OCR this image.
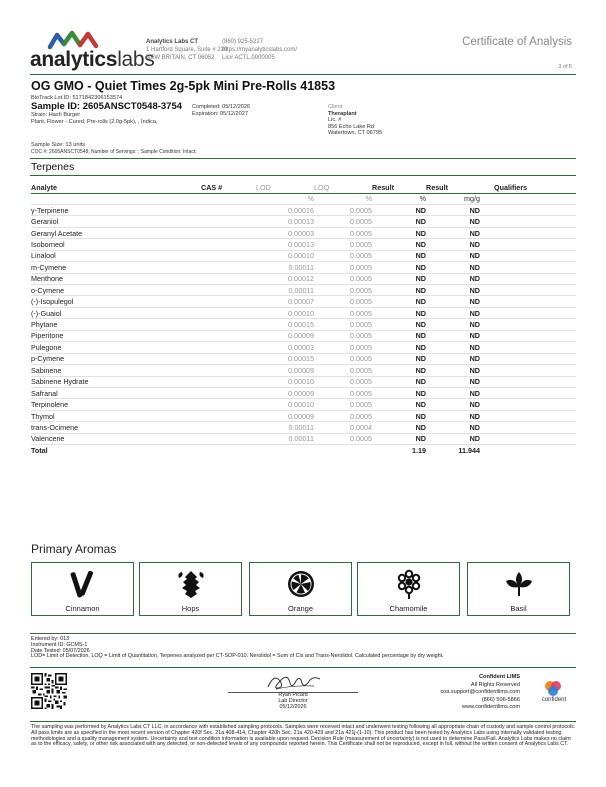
analyticslabs
Analytics Labs CT
1 Hartford Square, Suite # 230
NEW BRITAIN, CT 06052
(860) 925-5227
https://myanalyticslabs.com/
Lic# ACTL.0000005
Certificate of Analysis
3 of 5
OG GMO - Quiet Times 2g-5pk Mini Pre-Rolls 41853
BioTrack Lot ID: 5171842306153574
Sample ID: 2605ANSCT0548-3754
Strain: Hash Burger
Plant, Flower - Cured, Pre-rolls (2.0g-5pk), , Indica,
Completed: 05/12/2026
Expiration: 05/12/2027
Client
Theraplant
Lic. #
856 Echo Lake Rd
Watertown, CT 06795
Sample Size: 13 units
COC #: 2605ANSCT0548; Number of Servings: ; Sample Condition: Intact;
Terpenes
Analyte	CAS #	LOD	LOQ	Result	Result	Qualifiers
		%	%	%	mg/g	
γ-Terpinene		0.00016	0.0005	ND	ND	
Geraniol		0.00013	0.0005	ND	ND	
Geranyl Acetate		0.00003	0.0005	ND	ND	
Isoborneol		0.00013	0.0005	ND	ND	
Linalool		0.00010	0.0005	ND	ND	
m-Cymene		0.00011	0.0005	ND	ND	
Menthone		0.00012	0.0005	ND	ND	
o-Cymene		0.00011	0.0005	ND	ND	
(-)-Isopulegol		0.00007	0.0005	ND	ND	
(-)-Guaiol		0.00010	0.0005	ND	ND	
Phytane		0.00015	0.0005	ND	ND	
Piperitone		0.00009	0.0005	ND	ND	
Pulegone		0.00003	0.0005	ND	ND	
p-Cymene		0.00015	0.0005	ND	ND	
Sabinene		0.00009	0.0005	ND	ND	
Sabinene Hydrate		0.00010	0.0005	ND	ND	
Safranal		0.00009	0.0005	ND	ND	
Terpinolene		0.00010	0.0005	ND	ND	
Thymol		0.00009	0.0005	ND	ND	
trans-Ocimene		0.00011	0.0004	ND	ND	
Valencene		0.00011	0.0005	ND	ND	
Total				1.19	11.944	
Primary Aromas
Cinnamon	Hops	Orange	Chamomile	Basil
Entered by: 013
Instrument ID: GCMS-1
Date Tested: 05/07/2026
LOD= Limit of Detection, LOQ = Limit of Quantitation. Terpenes analyzed per CT-SOP-010. Nerolidol = Sum of Cis and Trans-Nerolidol. Calculated percentage by dry weight.
Ryan Picard
Lab Director
05/12/2026
Confident LIMS
All Rights Reserved
coa.support@confidentlims.com
(866) 506-5866
www.confidentlims.com
confident
The sampling was performed by Analytics Labs CT LLC, in accordance with established sampling protocols. Samples were received intact and underwent testing following all appropriate chain of custody and sample control protocols. All pass limits are as specified in the most recent version of Chapter 420f Sec. 21a 408-414, Chapter 420h Sec. 21a 420-429 and 21a 421j-(1-10). This product has been tested by Analytics Labs using internally validated testing methodologies and a quality management system. Uncertainty and test condition information is available upon request. Decision Rule (measurement of uncertainty) is not used to determine Pass/Fail. Analytics Labs makes no claim as to the efficacy, safety, or other risk associated with any detected, or non-detected levels of any compounds reported herein. This Certificate shall not be reproduced, except in full, without the written consent of Analytics Labs CT.
